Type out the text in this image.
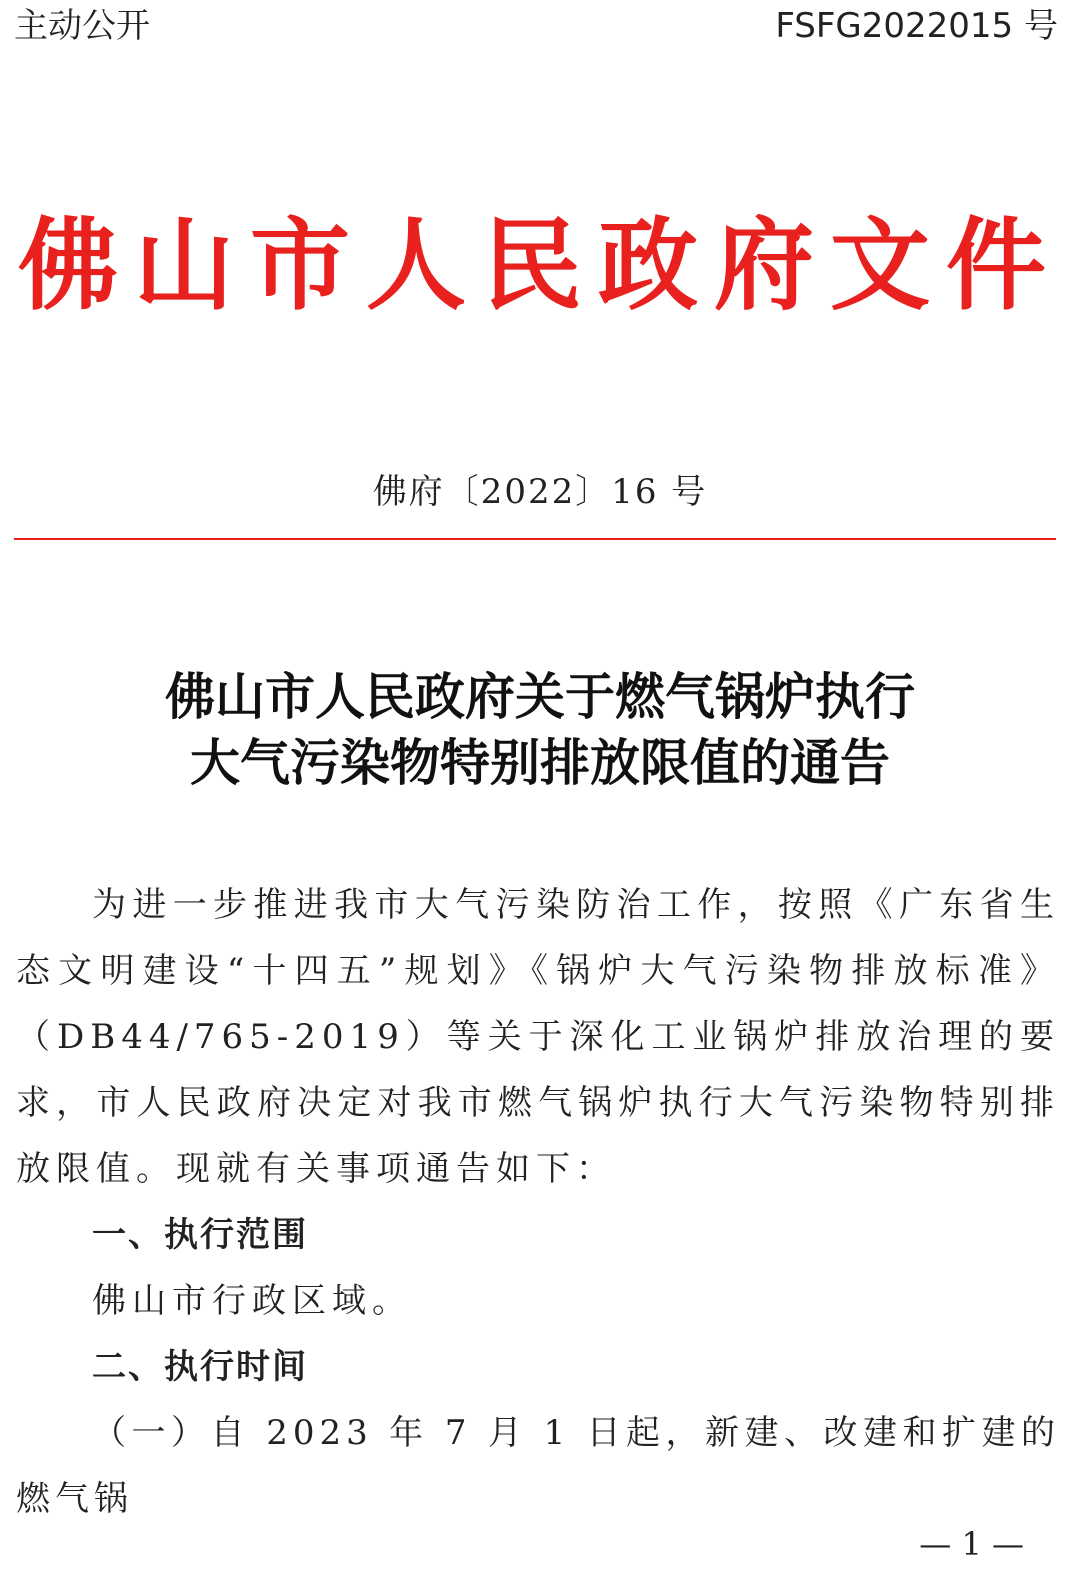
主动公开	FSFG2022015 号
佛山市人民政府文件
佛府〔2022〕16 号
佛山市人民政府关于燃气锅炉执行
大气污染物特别排放限值的通告

为进一步推进我市大气污染防治工作，按照《广东省生态文明建设“十四五”规划》《锅炉大气污染物排放标准》（DB44/765-2019）等关于深化工业锅炉排放治理的要求，市人民政府决定对我市燃气锅炉执行大气污染物特别排放限值。现就有关事项通告如下：

一、执行范围

佛山市行政区域。

二、执行时间

（一）自 2023 年 7 月 1 日起，新建、改建和扩建的燃气锅

— 1 —
